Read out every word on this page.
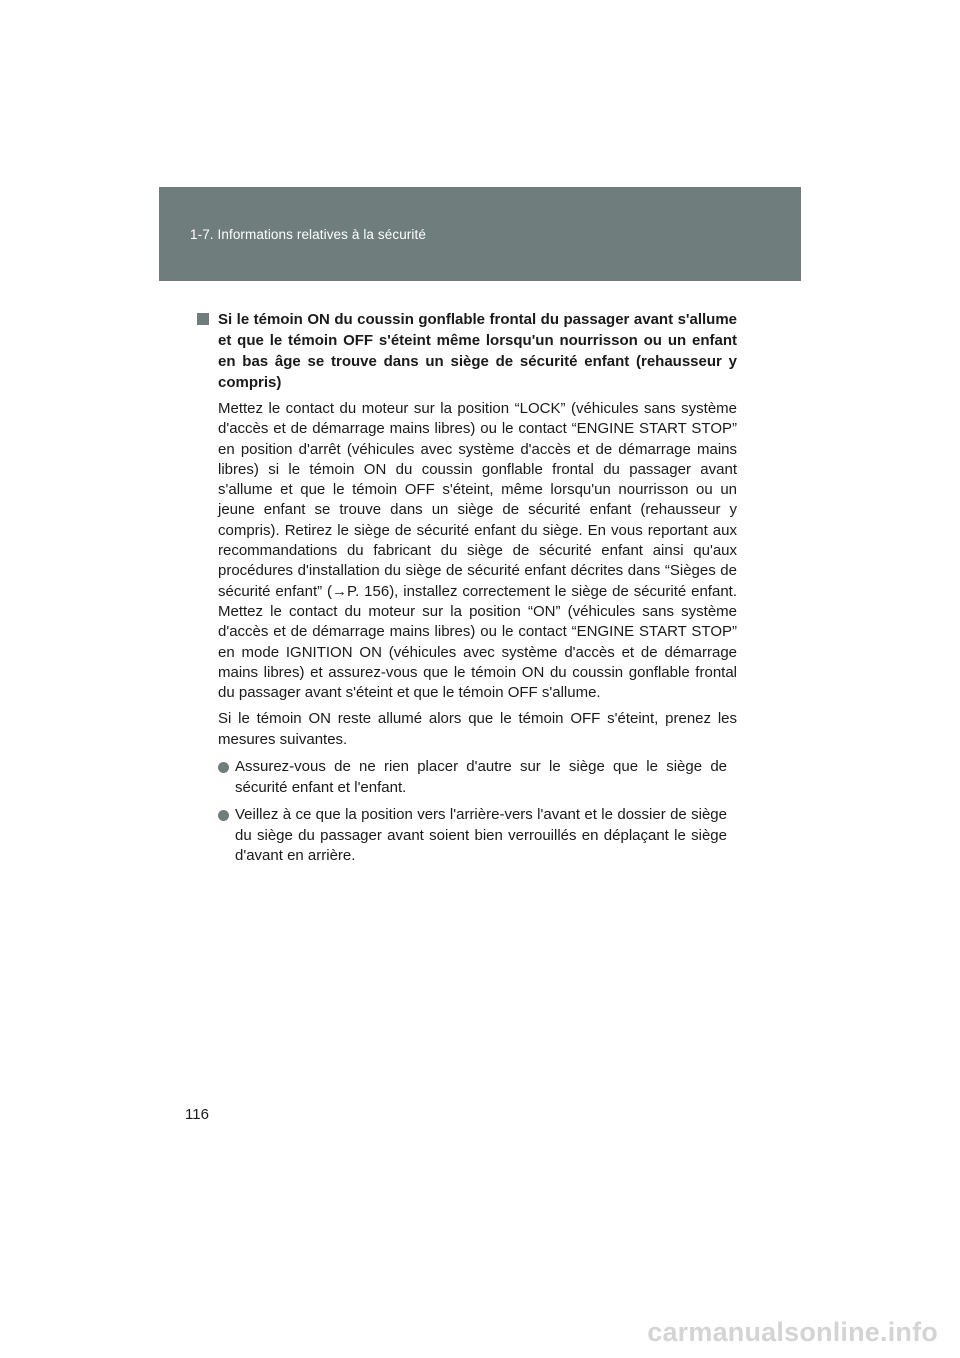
1-7. Informations relatives à la sécurité
Si le témoin ON du coussin gonflable frontal du passager avant s'allume et que le témoin OFF s'éteint même lorsqu'un nourrisson ou un enfant en bas âge se trouve dans un siège de sécurité enfant (rehausseur y compris)

Mettez le contact du moteur sur la position “LOCK” (véhicules sans système d'accès et de démarrage mains libres) ou le contact “ENGINE START STOP” en position d'arrêt (véhicules avec système d'accès et de démarrage mains libres) si le témoin ON du coussin gonflable frontal du passager avant s'allume et que le témoin OFF s'éteint, même lorsqu'un nourrisson ou un jeune enfant se trouve dans un siège de sécurité enfant (rehausseur y compris). Retirez le siège de sécurité enfant du siège. En vous reportant aux recommandations du fabricant du siège de sécurité enfant ainsi qu'aux procédures d'installation du siège de sécurité enfant décrites dans “Sièges de sécurité enfant” (→P. 156), installez correctement le siège de sécurité enfant. Mettez le contact du moteur sur la position “ON” (véhicules sans système d'accès et de démarrage mains libres) ou le contact “ENGINE START STOP” en mode IGNITION ON (véhicules avec système d'accès et de démarrage mains libres) et assurez-vous que le témoin ON du coussin gonflable frontal du passager avant s'éteint et que le témoin OFF s'allume.

Si le témoin ON reste allumé alors que le témoin OFF s'éteint, prenez les mesures suivantes.

Assurez-vous de ne rien placer d'autre sur le siège que le siège de sécurité enfant et l'enfant.
Veillez à ce que la position vers l'arrière-vers l'avant et le dossier de siège du siège du passager avant soient bien verrouillés en déplaçant le siège d'avant en arrière.
116
carmanualsonline.info
